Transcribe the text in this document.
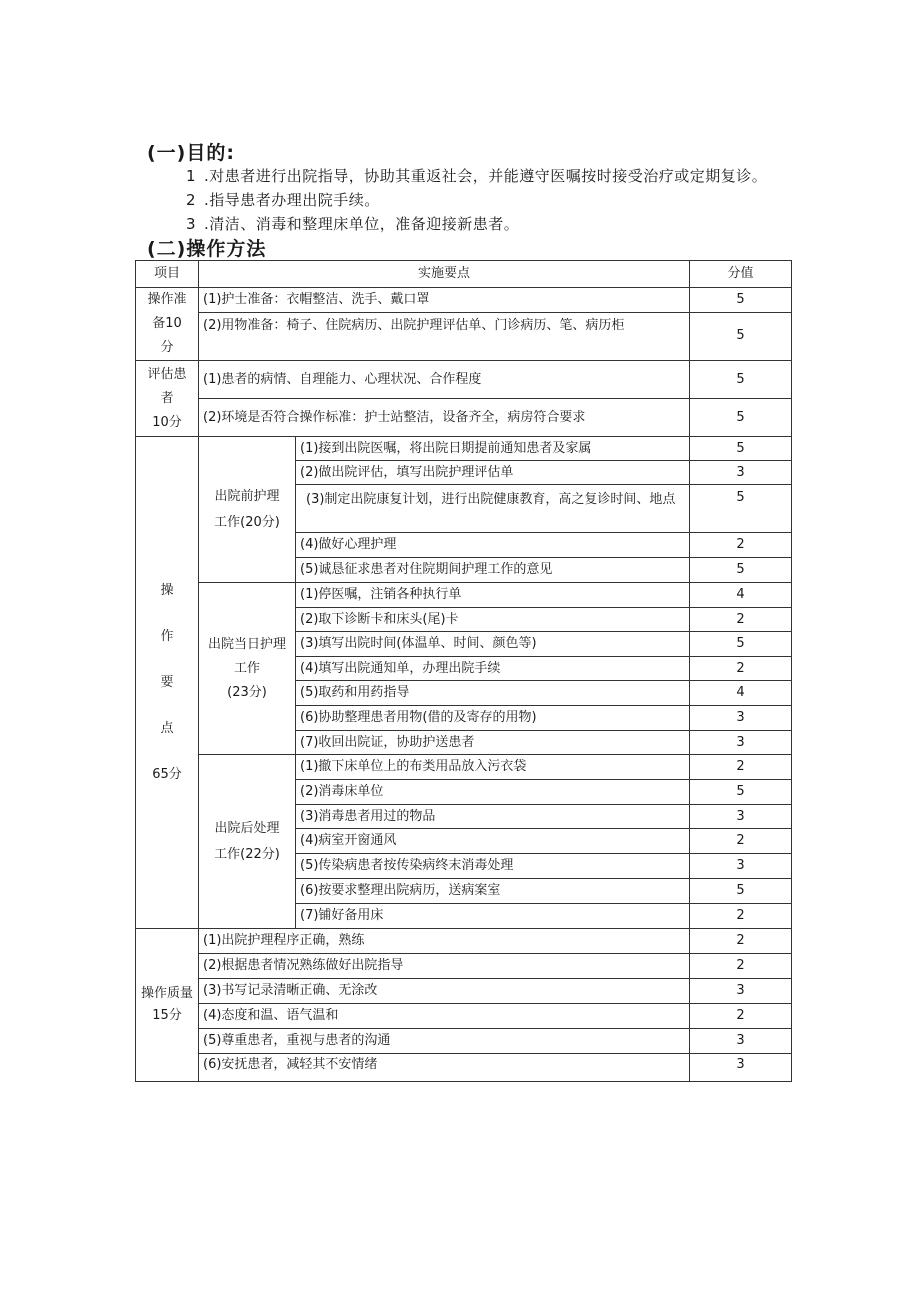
(一)目的:
1 .对患者进行出院指导，协助其重返社会，并能遵守医嘱按时接受治疗或定期复诊。
2 .指导患者办理出院手续。
3 .清洁、消毒和整理床单位，准备迎接新患者。
(二)操作方法
项目	实施要点		分值

操作准
备10
分	(1)护士准备：衣帽整洁、洗手、戴口罩		5
	(2)用物准备：椅子、住院病历、出院护理评估单、门诊病历、笔、病历柜		5

评估患
者
10分	(1)患者的病情、自理能力、心理状况、合作程度		5
	(2)环境是否符合操作标准：护士站整洁，设备齐全，病房符合要求		5

操
作
要
点
65分	出院前护理
工作(20分)	(1)接到出院医嘱，将出院日期提前通知患者及家属	5
		(2)做出院评估，填写出院护理评估单	3
		(3)制定出院康复计划，进行出院健康教育，高之复诊时间、地点	5
		(4)做好心理护理	2
		(5)诚恳征求患者对住院期间护理工作的意见	5

	出院当日护理
工作
(23分)	(1)停医嘱，注销各种执行单	4
		(2)取下诊断卡和床头(尾)卡	2
		(3)填写出院时间(体温单、时间、颜色等)	5
		(4)填写出院通知单，办理出院手续	2
		(5)取药和用药指导	4
		(6)协助整理患者用物(借的及寄存的用物)	3
		(7)收回出院证，协助护送患者	3

	出院后处理
工作(22分)	(1)撤下床单位上的布类用品放入污衣袋	2
		(2)消毒床单位	5
		(3)消毒患者用过的物品	3
		(4)病室开窗通风	2
		(5)传染病患者按传染病终末消毒处理	3
		(6)按要求整理出院病历，送病案室	5
		(7)铺好备用床	2

操作质量
15分	(1)出院护理程序正确，熟练		2
	(2)根据患者情况熟练做好出院指导		2
	(3)书写记录清晰正确、无涂改		3
	(4)态度和温、语气温和		2
	(5)尊重患者，重视与患者的沟通		3
	(6)安抚患者，减轻其不安情绪		3
